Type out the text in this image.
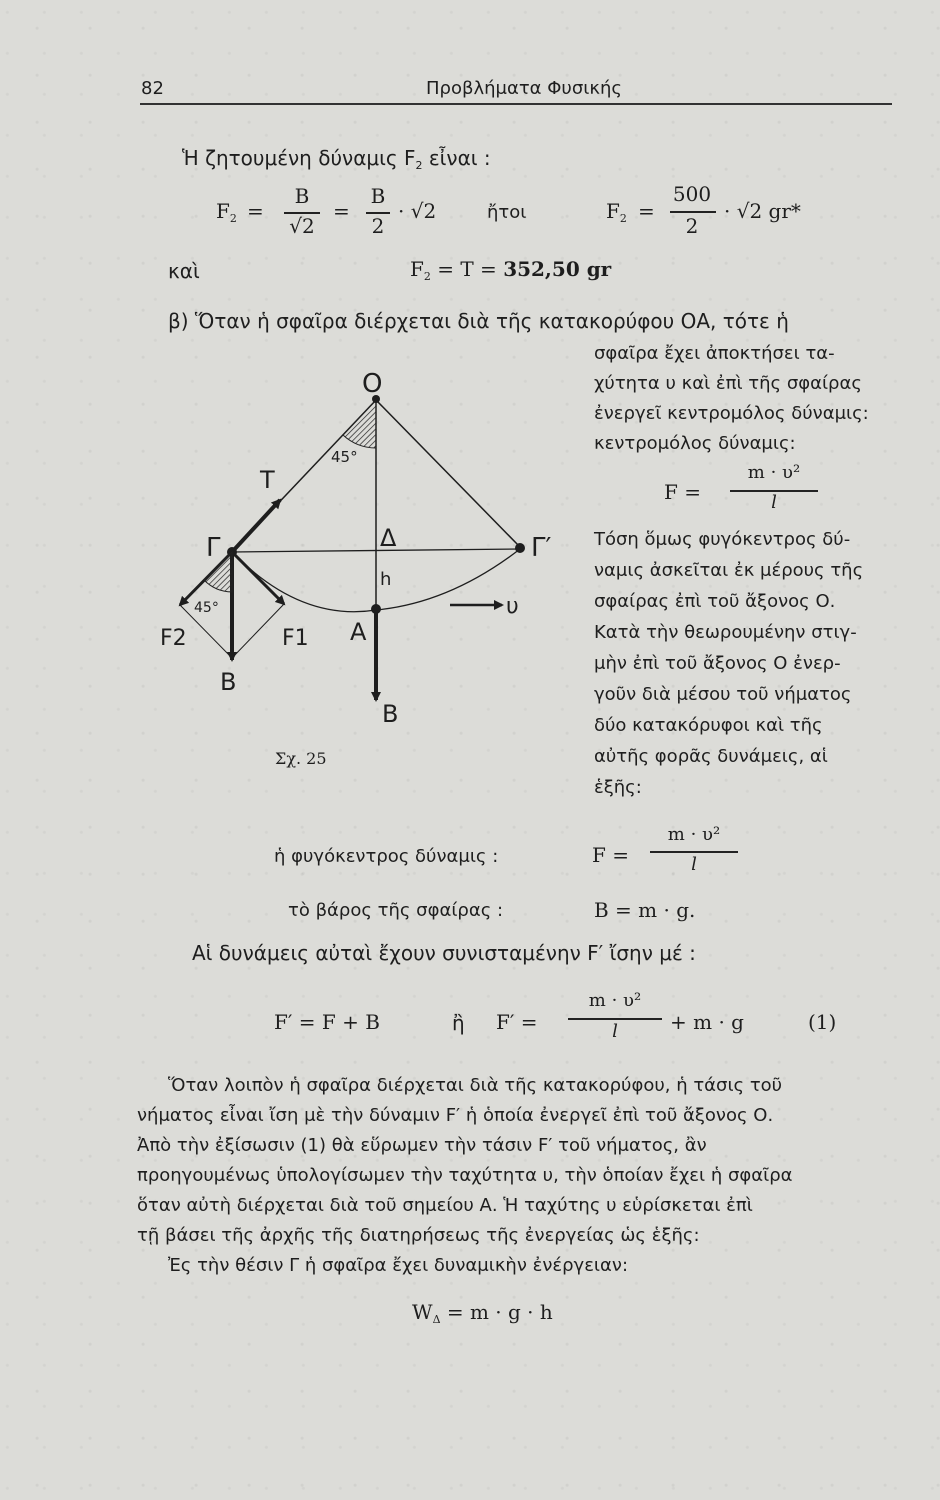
82	Προβλήματα Φυσικής
Ἡ ζητουμένη δύναμις $F_2$ εἶναι :
$F_2$ =
B
√2
=
B
2
· √2	ἤτοι	$F_2$ =
500
2
· √2 gr*
καὶ	$F_2 = T = 352,50$ gr
β) Ὅταν ἡ σφαῖρα διέρχεται διὰ τῆς κατακορύφου ΟΑ, τότε ἡ
σφαῖρα ἔχει ἀποκτήσει τα-
χύτητα υ καὶ ἐπὶ τῆς σφαίρας
ἐνεργεῖ κεντρομόλος δύναμις:
κεντρομόλος δύναμις:
F =
m · υ²
l
Τόση ὅμως φυγόκεντρος δύ-
ναμις ἀσκεῖται ἐκ μέρους τῆς
σφαίρας ἐπὶ τοῦ ἄξονος Ο.
Κατὰ τὴν θεωρουμένην στιγ-
μὴν ἐπὶ τοῦ ἄξονος Ο ἐνερ-
γοῦν διὰ μέσου τοῦ νήματος
δύο κατακόρυφοι καὶ τῆς
αὐτῆς φορᾶς δυνάμεις, αἱ
ἑξῆς:
O
T
45°
Γ	Δ	Γ′
h
υ
45°
F2	F1 A
B
B
Σχ. 25
ἡ φυγόκεντρος δύναμις :	F =
m · υ²
l
τὸ βάρος τῆς σφαίρας :	B = m · g.
Αἱ δυνάμεις αὐταὶ ἔχουν συνισταμένην F′ ἴσην μέ :
F′ = F + B	ἢ F′ =
m · υ²
l	+ m · g	(1)
Ὅταν λοιπὸν ἡ σφαῖρα διέρχεται διὰ τῆς κατακορύφου, ἡ τάσις τοῦ
νήματος εἶναι ἴση μὲ τὴν δύναμιν F′ ἡ ὁποία ἐνεργεῖ ἐπὶ τοῦ ἄξονος Ο.
Ἀπὸ τὴν ἐξίσωσιν (1) θὰ εὕρωμεν τὴν τάσιν F′ τοῦ νήματος, ἂν
προηγουμένως ὑπολογίσωμεν τὴν ταχύτητα υ, τὴν ὁποίαν ἔχει ἡ σφαῖρα
ὅταν αὐτὴ διέρχεται διὰ τοῦ σημείου Α. Ἡ ταχύτης υ εὑρίσκεται ἐπὶ
τῇ βάσει τῆς ἀρχῆς τῆς διατηρήσεως τῆς ἐνεργείας ὡς ἑξῆς:
Ἐς τὴν θέσιν Γ ἡ σφαῖρα ἔχει δυναμικὴν ἐνέργειαν:
$W_\Delta = m \cdot g \cdot h$
